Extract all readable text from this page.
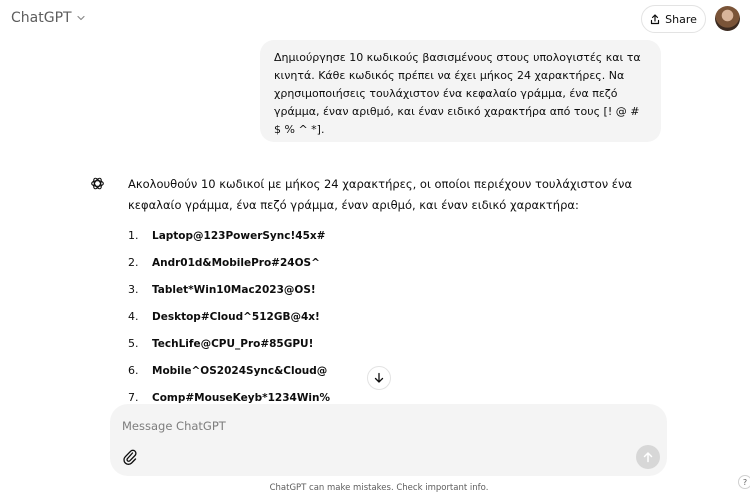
ChatGPT	Share
Δημιούργησε 10 κωδικούς βασισμένους στους υπολογιστές και τα κινητά. Κάθε κωδικός πρέπει να έχει μήκος 24 χαρακτήρες. Να χρησιμοποιήσεις τουλάχιστον ένα κεφαλαίο γράμμα, ένα πεζό γράμμα, έναν αριθμό, και έναν ειδικό χαρακτήρα από τους [! @ # $ % ^ *].
Ακολουθούν 10 κωδικοί με μήκος 24 χαρακτήρες, οι οποίοι περιέχουν τουλάχιστον ένα κεφαλαίο γράμμα, ένα πεζό γράμμα, έναν αριθμό, και έναν ειδικό χαρακτήρα:
1.	Laptop@123PowerSync!45x#
2.	Andr01d&MobilePro#24OS^
3.	Tablet*Win10Mac2023@OS!
4.	Desktop#Cloud^512GB@4x!
5.	TechLife@CPU_Pro#85GPU!
6.	Mobile^OS2024Sync&Cloud@
7.	Comp#MouseKeyb*1234Win%
Message ChatGPT
ChatGPT can make mistakes. Check important info.
?
